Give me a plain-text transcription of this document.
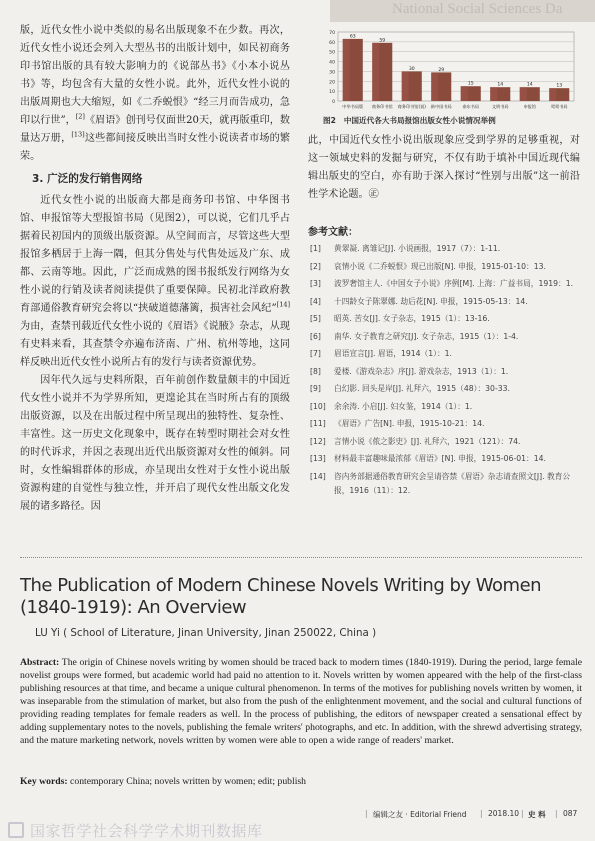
National Social Sciences Da

版，近代女性小说中类似的易名出版现象不在少数。再次，近代女性小说还会列入大型丛书的出版计划中，如民初商务印书馆出版的具有较大影响力的《说部丛书》《小本小说丛书》等，均包含有大量的女性小说。此外，近代女性小说的出版周期也大大缩短，如《二乔蜕恨》“经三月而告成功，急印以行世”，[2]《眉语》创刊号仅面世20天，就再版重印，数量达万册，[13]这些都间接反映出当时女性小说读者市场的繁荣。

3. 广泛的发行销售网络

近代女性小说的出版商大都是商务印书馆、中华图书馆、申报馆等大型报馆书局（见图2），可以说，它们几乎占据着民初国内的顶级出版资源。从空间而言，尽管这些大型报馆多栖居于上海一隅，但其分售处与代售处远及广东、成都、云南等地。因此，广泛而成熟的图书报纸发行网络为女性小说的行销及读者阅读提供了重要保障。民初北洋政府教育部通俗教育研究会将以“挟破道德藩篱，损害社会风纪”[14]为由，查禁刊载近代女性小说的《眉语》《说腋》杂志，从现有史料来看，其查禁令亦遍布济南、广州、杭州等地，这同样反映出近代女性小说所占有的发行与读者资源优势。

因年代久远与史料所限，百年前创作数量颇丰的中国近代女性小说并不为学界所知，更遑论其在当时所占有的顶级出版资源，以及在出版过程中所呈现出的独特性、复杂性、丰富性。这一历史文化现象中，既存在转型时期社会对女性的时代诉求，并因之表现出近代出版资源对女性的倾斜。同时，女性编辑群体的形成，亦呈现出女性对于女性小说出版资源构建的自觉性与独立性，并开启了现代女性出版文化发展的诸多路径。因

0
10
20
30
40
50
60
70
63
中华书局版
59
商务印书馆
30
商务印书馆(说)
29
新中国书局
15
泰东书局
14
文明书局
14
申报馆
13
鸳鸯书局
图2 中国近代各大书局报馆出版女性小说情况举例
此，中国近代女性小说出版现象应受到学界的足够重视，对这一领域史料的发掘与研究，不仅有助于填补中国近现代编辑出版史的空白，亦有助于深入探讨“性别与出版”这一前沿性学术论题。㊣
参考文献：
[1]	黄翠凝. 离雏记[J]. 小说画报，1917（7）：1-11.
[2]	哀情小说《二乔蜕恨》现已出版[N]. 申报，1915-01-10：13.
[3]	波罗奢馆主人.《中国女子小说》序例[M]. 上海：广益书局，1919：1.
[4]	十四龄女子陈翠娜. 劫后花[N]. 申报，1915-05-13：14.
[5]	昭英. 苦女[J]. 女子杂志，1915（1）：13-16.
[6]	南华. 女子教育之研究[J]. 女子杂志，1915（1）：1-4.
[7]	眉语宣言[J]. 眉语，1914（1）：1.
[8]	爱楼.《游戏杂志》序[J]. 游戏杂志，1913（1）：1.
[9]	白幻影. 回头是岸[J]. 礼拜六，1915（48）：30-33.
[10]	余余涛. 小启[J]. 妇女鉴，1914（1）：1.
[11]	《眉语》广告[N]. 申报，1915-10-21：14.
[12]	言情小说《侬之影史》[J]. 礼拜六，1921（121）：74.
[13]	材料最丰富趣味最浓郁《眉语》[N]. 申报，1915-06-01：14.
[14]	咨内务部据通俗教育研究会呈请咨禁《眉语》杂志请查照文[J]. 教育公报，1916（11）：12.
The Publication of Modern Chinese Novels Writing by Women (1840-1919): An Overview
LU Yi ( School of Literature, Jinan University, Jinan 250022, China )
Abstract: The origin of Chinese novels writing by women should be traced back to modern times (1840-1919). During the period, large female novelist groups were formed, but academic world had paid no attention to it. Novels written by women appeared with the help of the first-class publishing resources at that time, and became a unique cultural phenomenon. In terms of the motives for publishing novels written by women, it was inseparable from the stimulation of market, but also from the push of the enlightenment movement, and the social and cultural functions of providing reading templates for female readers as well. In the process of publishing, the editors of newspaper created a sensational effect by adding supplementary notes to the novels, publishing the female writers' photographs, and etc. In addition, with the shrewd advertising strategy, and the mature marketing network, novels written by women were able to open a wide range of readers' market.
Key words: contemporary China; novels written by women; edit; publish
| 编辑之友 · Editorial Friend | 2018.10 | 史 料 | 087
国家哲学社会科学学术期刊数据库
